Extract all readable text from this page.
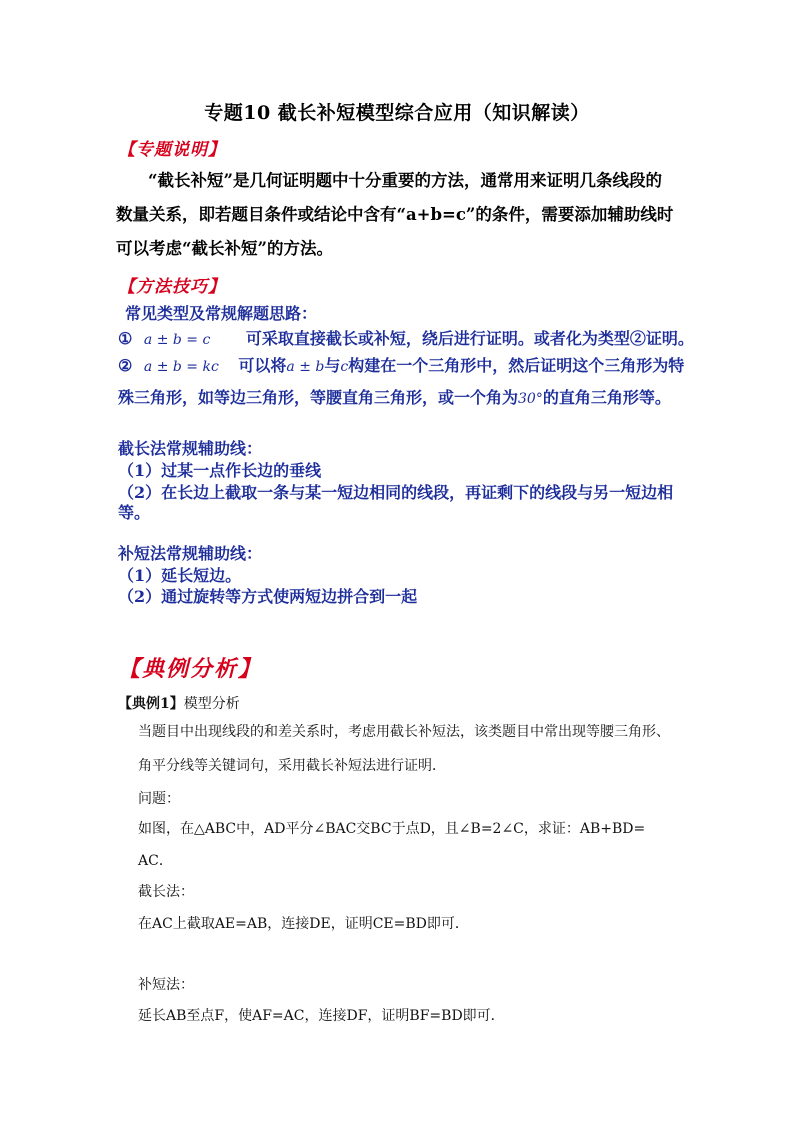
专题10 截长补短模型综合应用（知识解读）
【专题说明】
“截长补短”是几何证明题中十分重要的方法，通常用来证明几条线段的数量关系，即若题目条件或结论中含有“a+b=c”的条件，需要添加辅助线时可以考虑“截长补短”的方法。
【方法技巧】
常见类型及常规解题思路：
① a ± b = c 可采取直接截长或补短，绕后进行证明。或者化为类型②证明。
② a ± b = kc 可以将a ± b与c构建在一个三角形中，然后证明这个三角形为特
殊三角形，如等边三角形，等腰直角三角形，或一个角为30°的直角三角形等。
截长法常规辅助线：
（1）过某一点作长边的垂线
（2）在长边上截取一条与某一短边相同的线段，再证剩下的线段与另一短边相
等。
补短法常规辅助线：
（1）延长短边。
（2）通过旋转等方式使两短边拼合到一起
【典例分析】
【典例1】模型分析
当题目中出现线段的和差关系时，考虑用截长补短法，该类题目中常出现等腰三角形、
角平分线等关键词句，采用截长补短法进行证明．
问题：
如图，在△ABC中，AD平分∠BAC交BC于点D，且∠B=2∠C，求证：AB+BD=
AC．
截长法：
在AC上截取AE=AB，连接DE，证明CE=BD即可．
补短法：
延长AB至点F，使AF=AC，连接DF，证明BF=BD即可．
